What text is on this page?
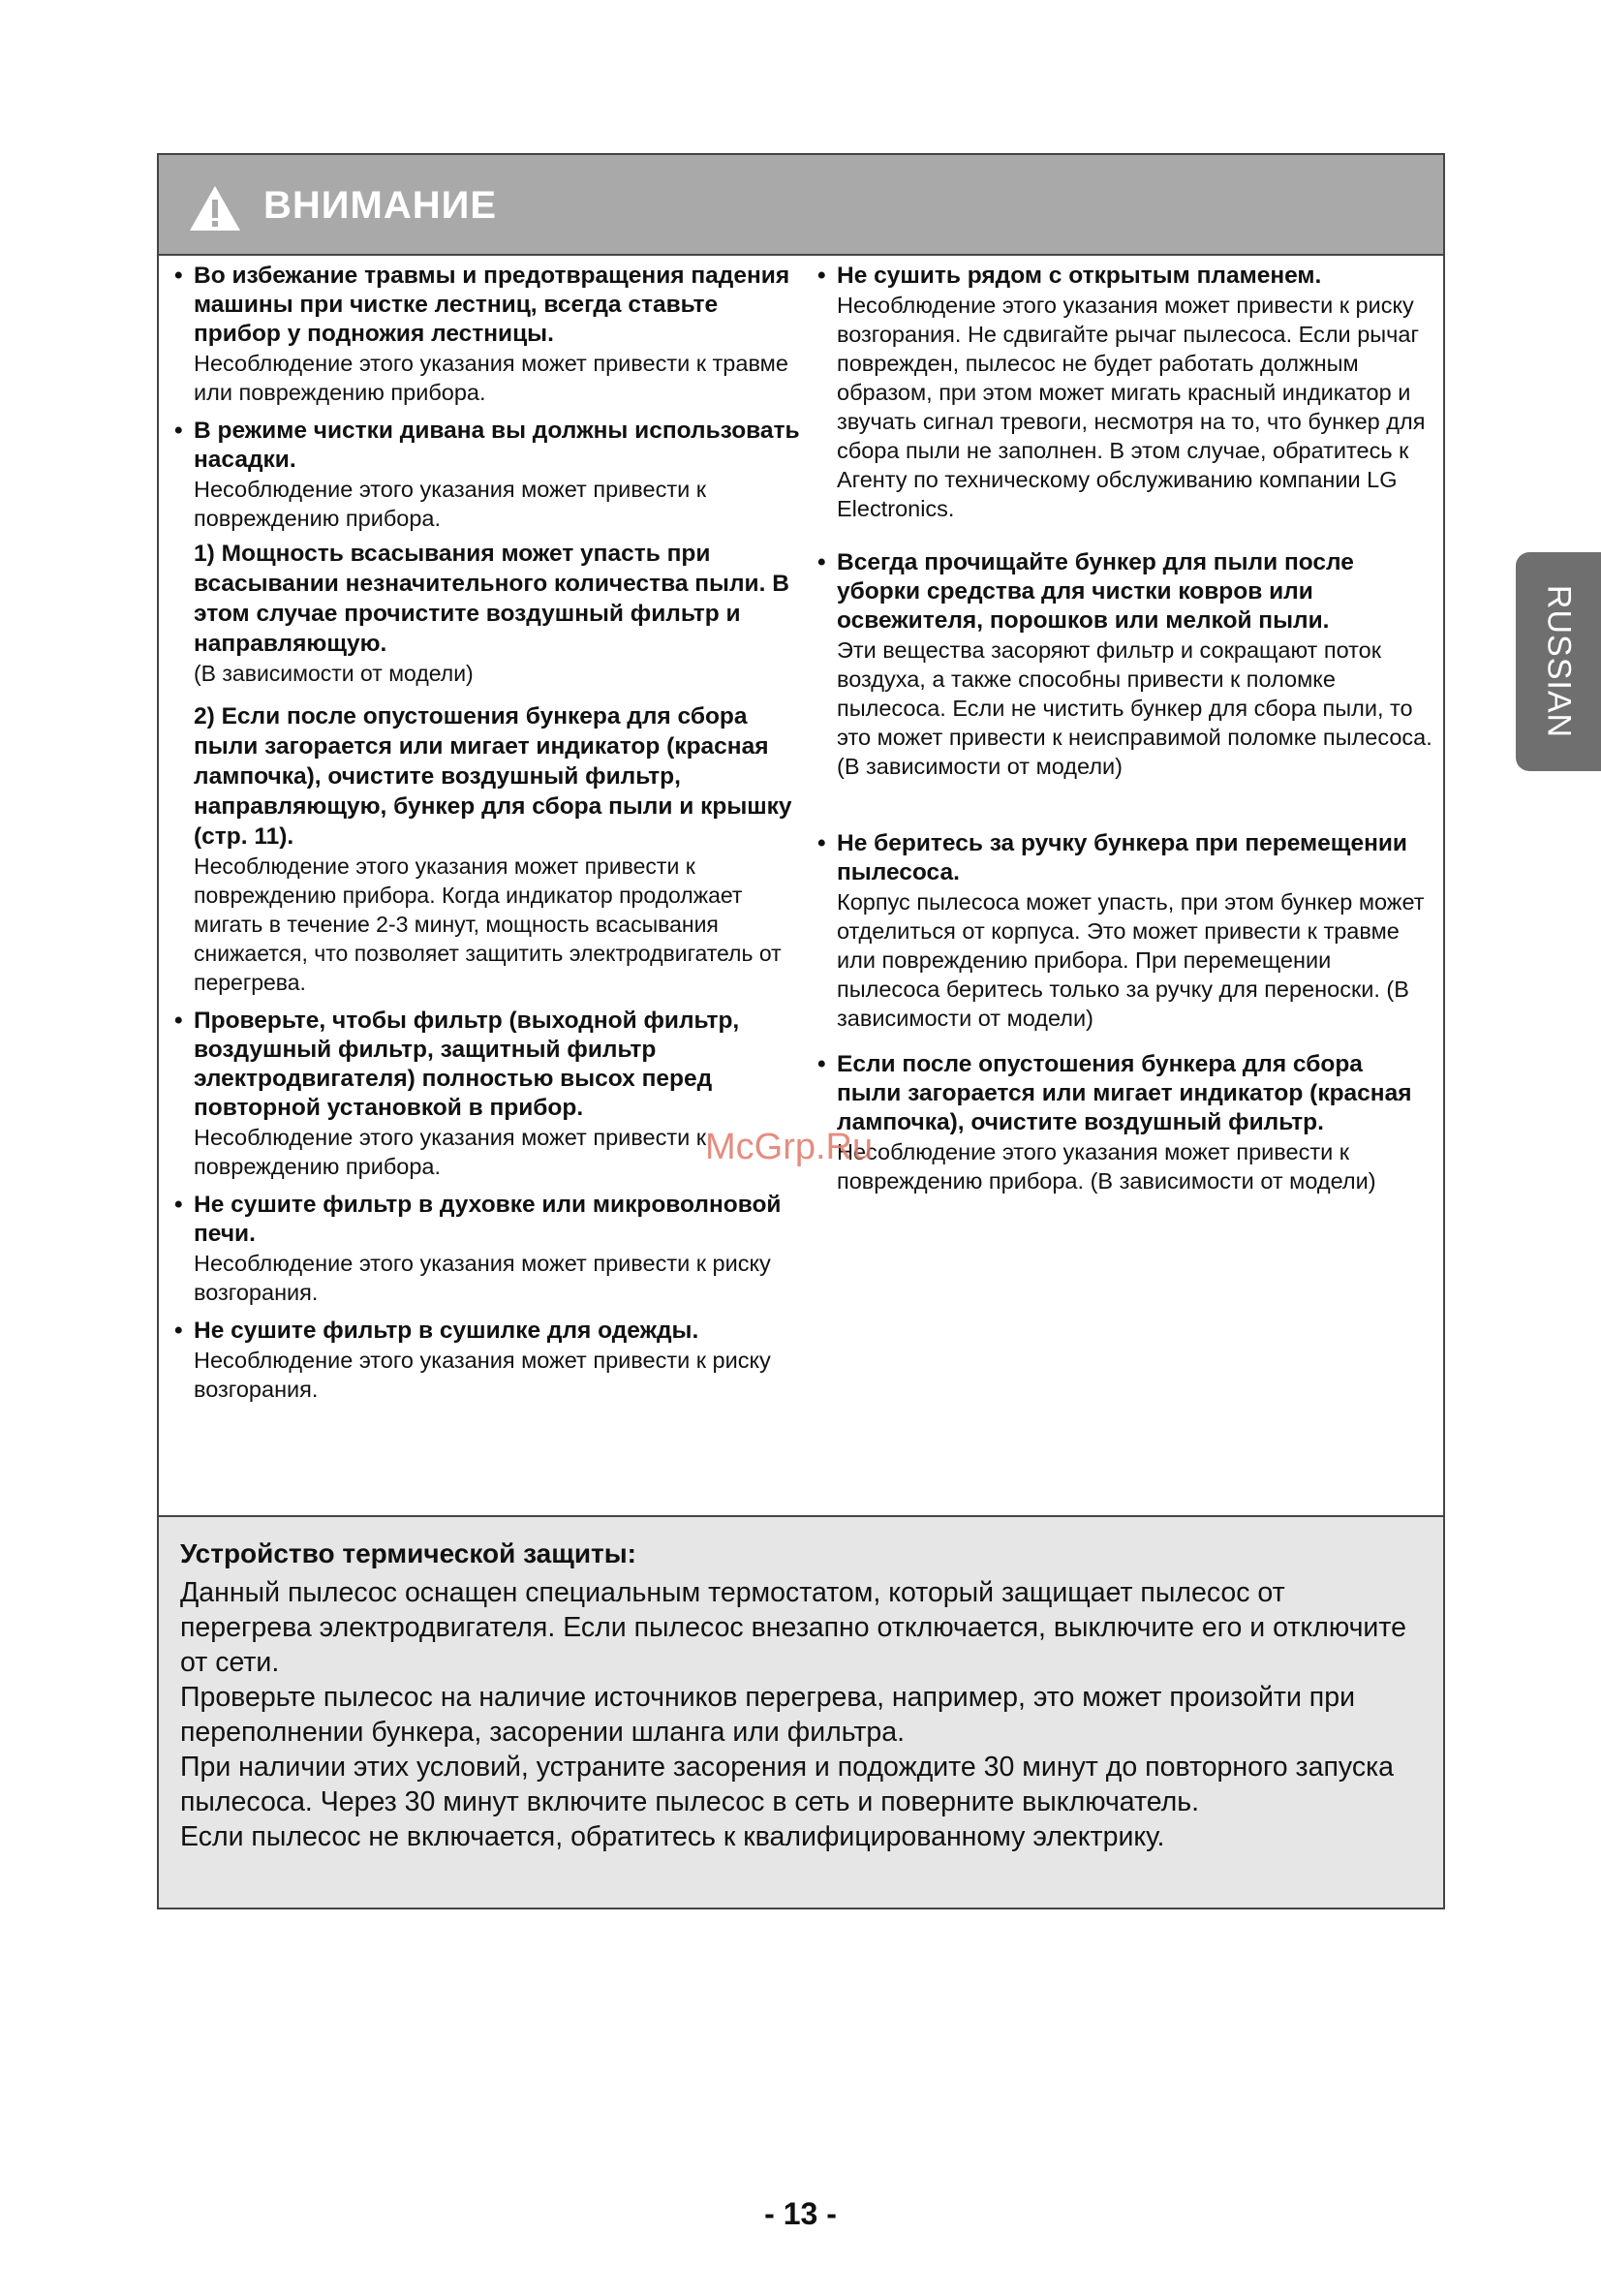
ВНИМАНИЕ
• Во избежание травмы и предотвращения падения машины при чистке лестниц, всегда ставьте прибор у подножия лестницы.
Несоблюдение этого указания может привести к травме или повреждению прибора.
• В режиме чистки дивана вы должны использовать насадки.
Несоблюдение этого указания может привести к повреждению прибора.
1) Мощность всасывания может упасть при всасывании незначительного количества пыли. В этом случае прочистите воздушный фильтр и направляющую.
(В зависимости от модели)
2) Если после опустошения бункера для сбора пыли загорается или мигает индикатор (красная лампочка), очистите воздушный фильтр, направляющую, бункер для сбора пыли и крышку (стр. 11).
Несоблюдение этого указания может привести к повреждению прибора. Когда индикатор продолжает мигать в течение 2-3 минут, мощность всасывания снижается, что позволяет защитить электродвигатель от перегрева.
• Проверьте, чтобы фильтр (выходной фильтр, воздушный фильтр, защитный фильтр электродвигателя) полностью высох перед повторной установкой в прибор.
Несоблюдение этого указания может привести к повреждению прибора.
• Не сушите фильтр в духовке или микроволновой печи.
Несоблюдение этого указания может привести к риску возгорания.
• Не сушите фильтр в сушилке для одежды.
Несоблюдение этого указания может привести к риску возгорания.
• Не сушить рядом с открытым пламенем.
Несоблюдение этого указания может привести к риску возгорания. Не сдвигайте рычаг пылесоса. Если рычаг поврежден, пылесос не будет работать должным образом, при этом может мигать красный индикатор и звучать сигнал тревоги, несмотря на то, что бункер для сбора пыли не заполнен. В этом случае, обратитесь к Агенту по техническому обслуживанию компании LG Electronics.
• Всегда прочищайте бункер для пыли после уборки средства для чистки ковров или освежителя, порошков или мелкой пыли.
Эти вещества засоряют фильтр и сокращают поток воздуха, а также способны привести к поломке пылесоса. Если не чистить бункер для сбора пыли, то это может привести к неисправимой поломке пылесоса. (В зависимости от модели)
• Не беритесь за ручку бункера при перемещении пылесоса.
Корпус пылесоса может упасть, при этом бункер может отделиться от корпуса. Это может привести к травме или повреждению прибора. При перемещении пылесоса беритесь только за ручку для переноски. (В зависимости от модели)
• Если после опустошения бункера для сбора пыли загорается или мигает индикатор (красная лампочка), очистите воздушный фильтр.
Несоблюдение этого указания может привести к повреждению прибора. (В зависимости от модели)
Устройство термической защиты:
Данный пылесос оснащен специальным термостатом, который защищает пылесос от перегрева электродвигателя. Если пылесос внезапно отключается, выключите его и отключите от сети.
Проверьте пылесос на наличие источников перегрева, например, это может произойти при переполнении бункера, засорении шланга или фильтра.
При наличии этих условий, устраните засорения и подождите 30 минут до повторного запуска пылесоса. Через 30 минут включите пылесос в сеть и поверните выключатель.
Если пылесос не включается, обратитесь к квалифицированному электрику.
RUSSIAN
McGrp.Ru
- 13 -
